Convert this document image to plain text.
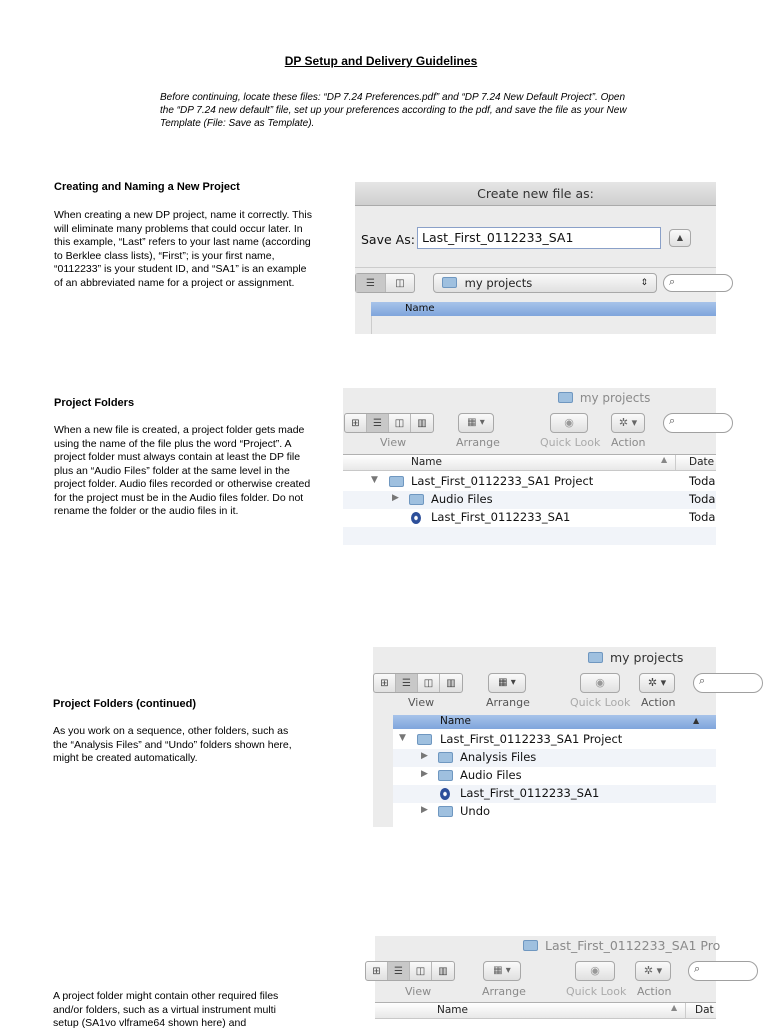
DP Setup and Delivery Guidelines
Before continuing, locate these files: “DP 7.24 Preferences.pdf” and “DP 7.24 New Default Project”. Open the “DP 7.24 new default” file, set up your preferences according to the pdf, and save the file as your New Template (File: Save as Template).
Creating and Naming a New Project
When creating a new DP project, name it correctly. This will eliminate many problems that could occur later. In this example, “Last” refers to your last name (according to Berklee class lists), “First”; is your first name, “0112233” is your student ID, and “SA1” is an example of an abbreviated name for a project or assignment.
Create new file as:
Save As: Last_First_0112233_SA1	▲
☰	◫	my projects	⇕	⌕
Name
Project Folders
When a new file is created, a project folder gets made using the name of the file plus the word “Project”. A project folder must always contain at least the DP file plus an “Audio Files” folder at the same level in the project folder. Audio files recorded or otherwise created for the project must be in the Audio files folder. Do not rename the folder or the audio files in it.
my projects
⊞	☰	◫	▥	▦ ▾	◉	✲ ▾	⌕
View	Arrange	Quick Look Action
Name	▲ Date
▼	Last_First_0112233_SA1 Project	Toda
▶	Audio Files	Toda
Last_First_0112233_SA1	Toda
Project Folders (continued)
As you work on a sequence, other folders, such as the “Analysis Files” and “Undo” folders shown here, might be created automatically.
my projects
⊞	☰	◫	▥	▦ ▾	◉	✲ ▾	⌕
View	Arrange	Quick Look Action
Name	▲
▼	Last_First_0112233_SA1 Project
▶	Analysis Files
▶	Audio Files
Last_First_0112233_SA1
▶	Undo
A project folder might contain other required files and/or folders, such as a virtual instrument multi setup (SA1vo vlframe64 shown here) and
Last_First_0112233_SA1 Pro
⊞	☰	◫	▥	▦ ▾	◉	✲ ▾	⌕
View	Arrange	Quick Look Action
Name	▲ Dat
